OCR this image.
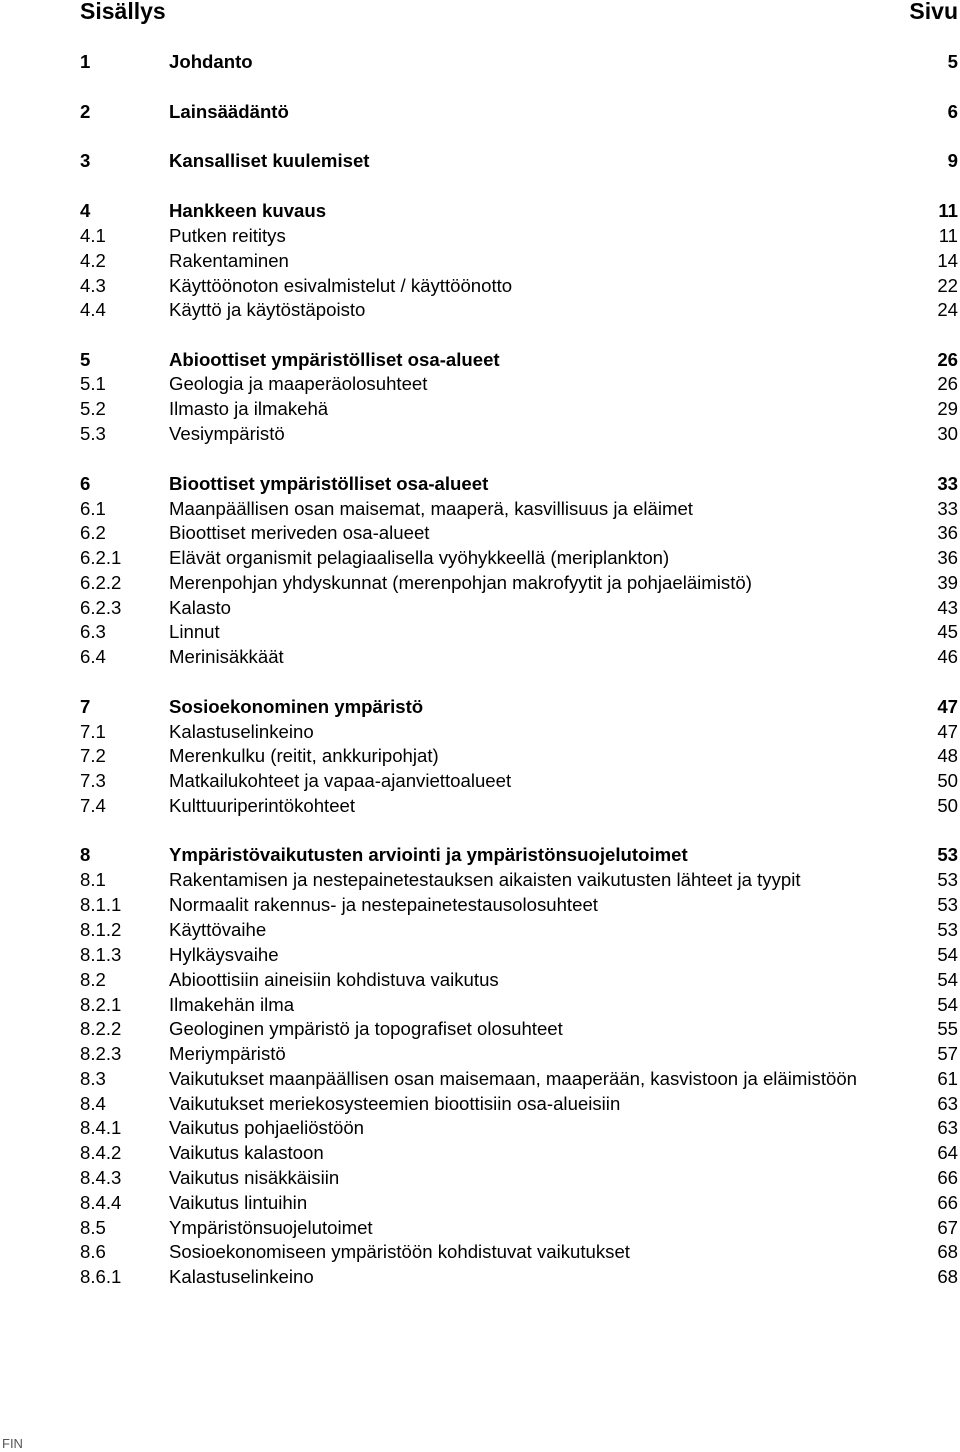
Sisällys	Sivu
1	Johdanto	5
2	Lainsäädäntö	6
3	Kansalliset kuulemiset	9
4	Hankkeen kuvaus	11
4.1	Putken reititys	11
4.2	Rakentaminen	14
4.3	Käyttöönoton esivalmistelut / käyttöönotto	22
4.4	Käyttö ja käytöstäpoisto	24
5	Abioottiset ympäristölliset osa-alueet	26
5.1	Geologia ja maaperäolosuhteet	26
5.2	Ilmasto ja ilmakehä	29
5.3	Vesiympäristö	30
6	Bioottiset ympäristölliset osa-alueet	33
6.1	Maanpäällisen osan maisemat, maaperä, kasvillisuus ja eläimet	33
6.2	Bioottiset meriveden osa-alueet	36
6.2.1	Elävät organismit pelagiaalisella vyöhykkeellä (meriplankton)	36
6.2.2	Merenpohjan yhdyskunnat (merenpohjan makrofyytit ja pohjaeläimistö)	39
6.2.3	Kalasto	43
6.3	Linnut	45
6.4	Merinisäkkäät	46
7	Sosioekonominen ympäristö	47
7.1	Kalastuselinkeino	47
7.2	Merenkulku (reitit, ankkuripohjat)	48
7.3	Matkailukohteet ja vapaa-ajanviettoalueet	50
7.4	Kulttuuriperintökohteet	50
8	Ympäristövaikutusten arviointi ja ympäristönsuojelutoimet	53
8.1	Rakentamisen ja nestepainetestauksen aikaisten vaikutusten lähteet ja tyypit	53
8.1.1	Normaalit rakennus- ja nestepainetestausolosuhteet	53
8.1.2	Käyttövaihe	53
8.1.3	Hylkäysvaihe	54
8.2	Abioottisiin aineisiin kohdistuva vaikutus	54
8.2.1	Ilmakehän ilma	54
8.2.2	Geologinen ympäristö ja topografiset olosuhteet	55
8.2.3	Meriympäristö	57
8.3	Vaikutukset maanpäällisen osan maisemaan, maaperään, kasvistoon ja eläimistöön	61
8.4	Vaikutukset meriekosysteemien bioottisiin osa-alueisiin	63
8.4.1	Vaikutus pohjaeliöstöön	63
8.4.2	Vaikutus kalastoon	64
8.4.3	Vaikutus nisäkkäisiin	66
8.4.4	Vaikutus lintuihin	66
8.5	Ympäristönsuojelutoimet	67
8.6	Sosioekonomiseen ympäristöön kohdistuvat vaikutukset	68
8.6.1	Kalastuselinkeino	68
FIN
